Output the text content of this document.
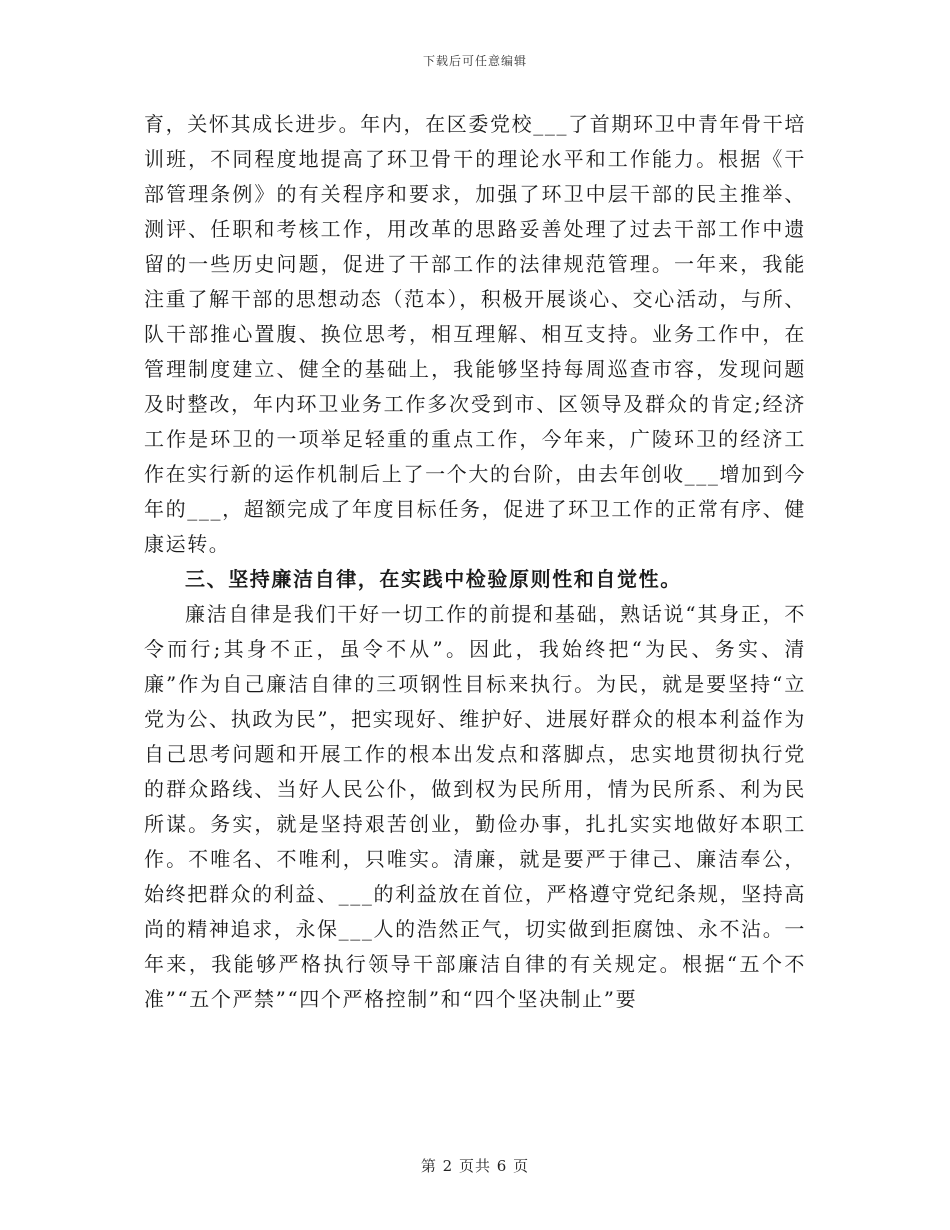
下载后可任意编辑

育，关怀其成长进步。年内，在区委党校___了首期环卫中青年骨干培训班，不同程度地提高了环卫骨干的理论水平和工作能力。根据《干部管理条例》的有关程序和要求，加强了环卫中层干部的民主推举、测评、任职和考核工作，用改革的思路妥善处理了过去干部工作中遗留的一些历史问题，促进了干部工作的法律规范管理。一年来，我能注重了解干部的思想动态（范本），积极开展谈心、交心活动，与所、队干部推心置腹、换位思考，相互理解、相互支持。业务工作中，在管理制度建立、健全的基础上，我能够坚持每周巡查市容，发现问题及时整改，年内环卫业务工作多次受到市、区领导及群众的肯定;经济工作是环卫的一项举足轻重的重点工作，今年来，广陵环卫的经济工作在实行新的运作机制后上了一个大的台阶，由去年创收___增加到今年的___，超额完成了年度目标任务，促进了环卫工作的正常有序、健康运转。

三、坚持廉洁自律，在实践中检验原则性和自觉性。

廉洁自律是我们干好一切工作的前提和基础，熟话说“其身正，不令而行;其身不正，虽令不从”。因此，我始终把“为民、务实、清廉”作为自己廉洁自律的三项钢性目标来执行。为民，就是要坚持“立党为公、执政为民”，把实现好、维护好、进展好群众的根本利益作为自己思考问题和开展工作的根本出发点和落脚点，忠实地贯彻执行党的群众路线、当好人民公仆，做到权为民所用，情为民所系、利为民所谋。务实，就是坚持艰苦创业，勤俭办事，扎扎实实地做好本职工作。不唯名、不唯利，只唯实。清廉，就是要严于律己、廉洁奉公，始终把群众的利益、___的利益放在首位，严格遵守党纪条规，坚持高尚的精神追求，永保___人的浩然正气，切实做到拒腐蚀、永不沾。一年来，我能够严格执行领导干部廉洁自律的有关规定。根据“五个不准”“五个严禁”“四个严格控制”和“四个坚决制止”要

第 2 页共 6 页
